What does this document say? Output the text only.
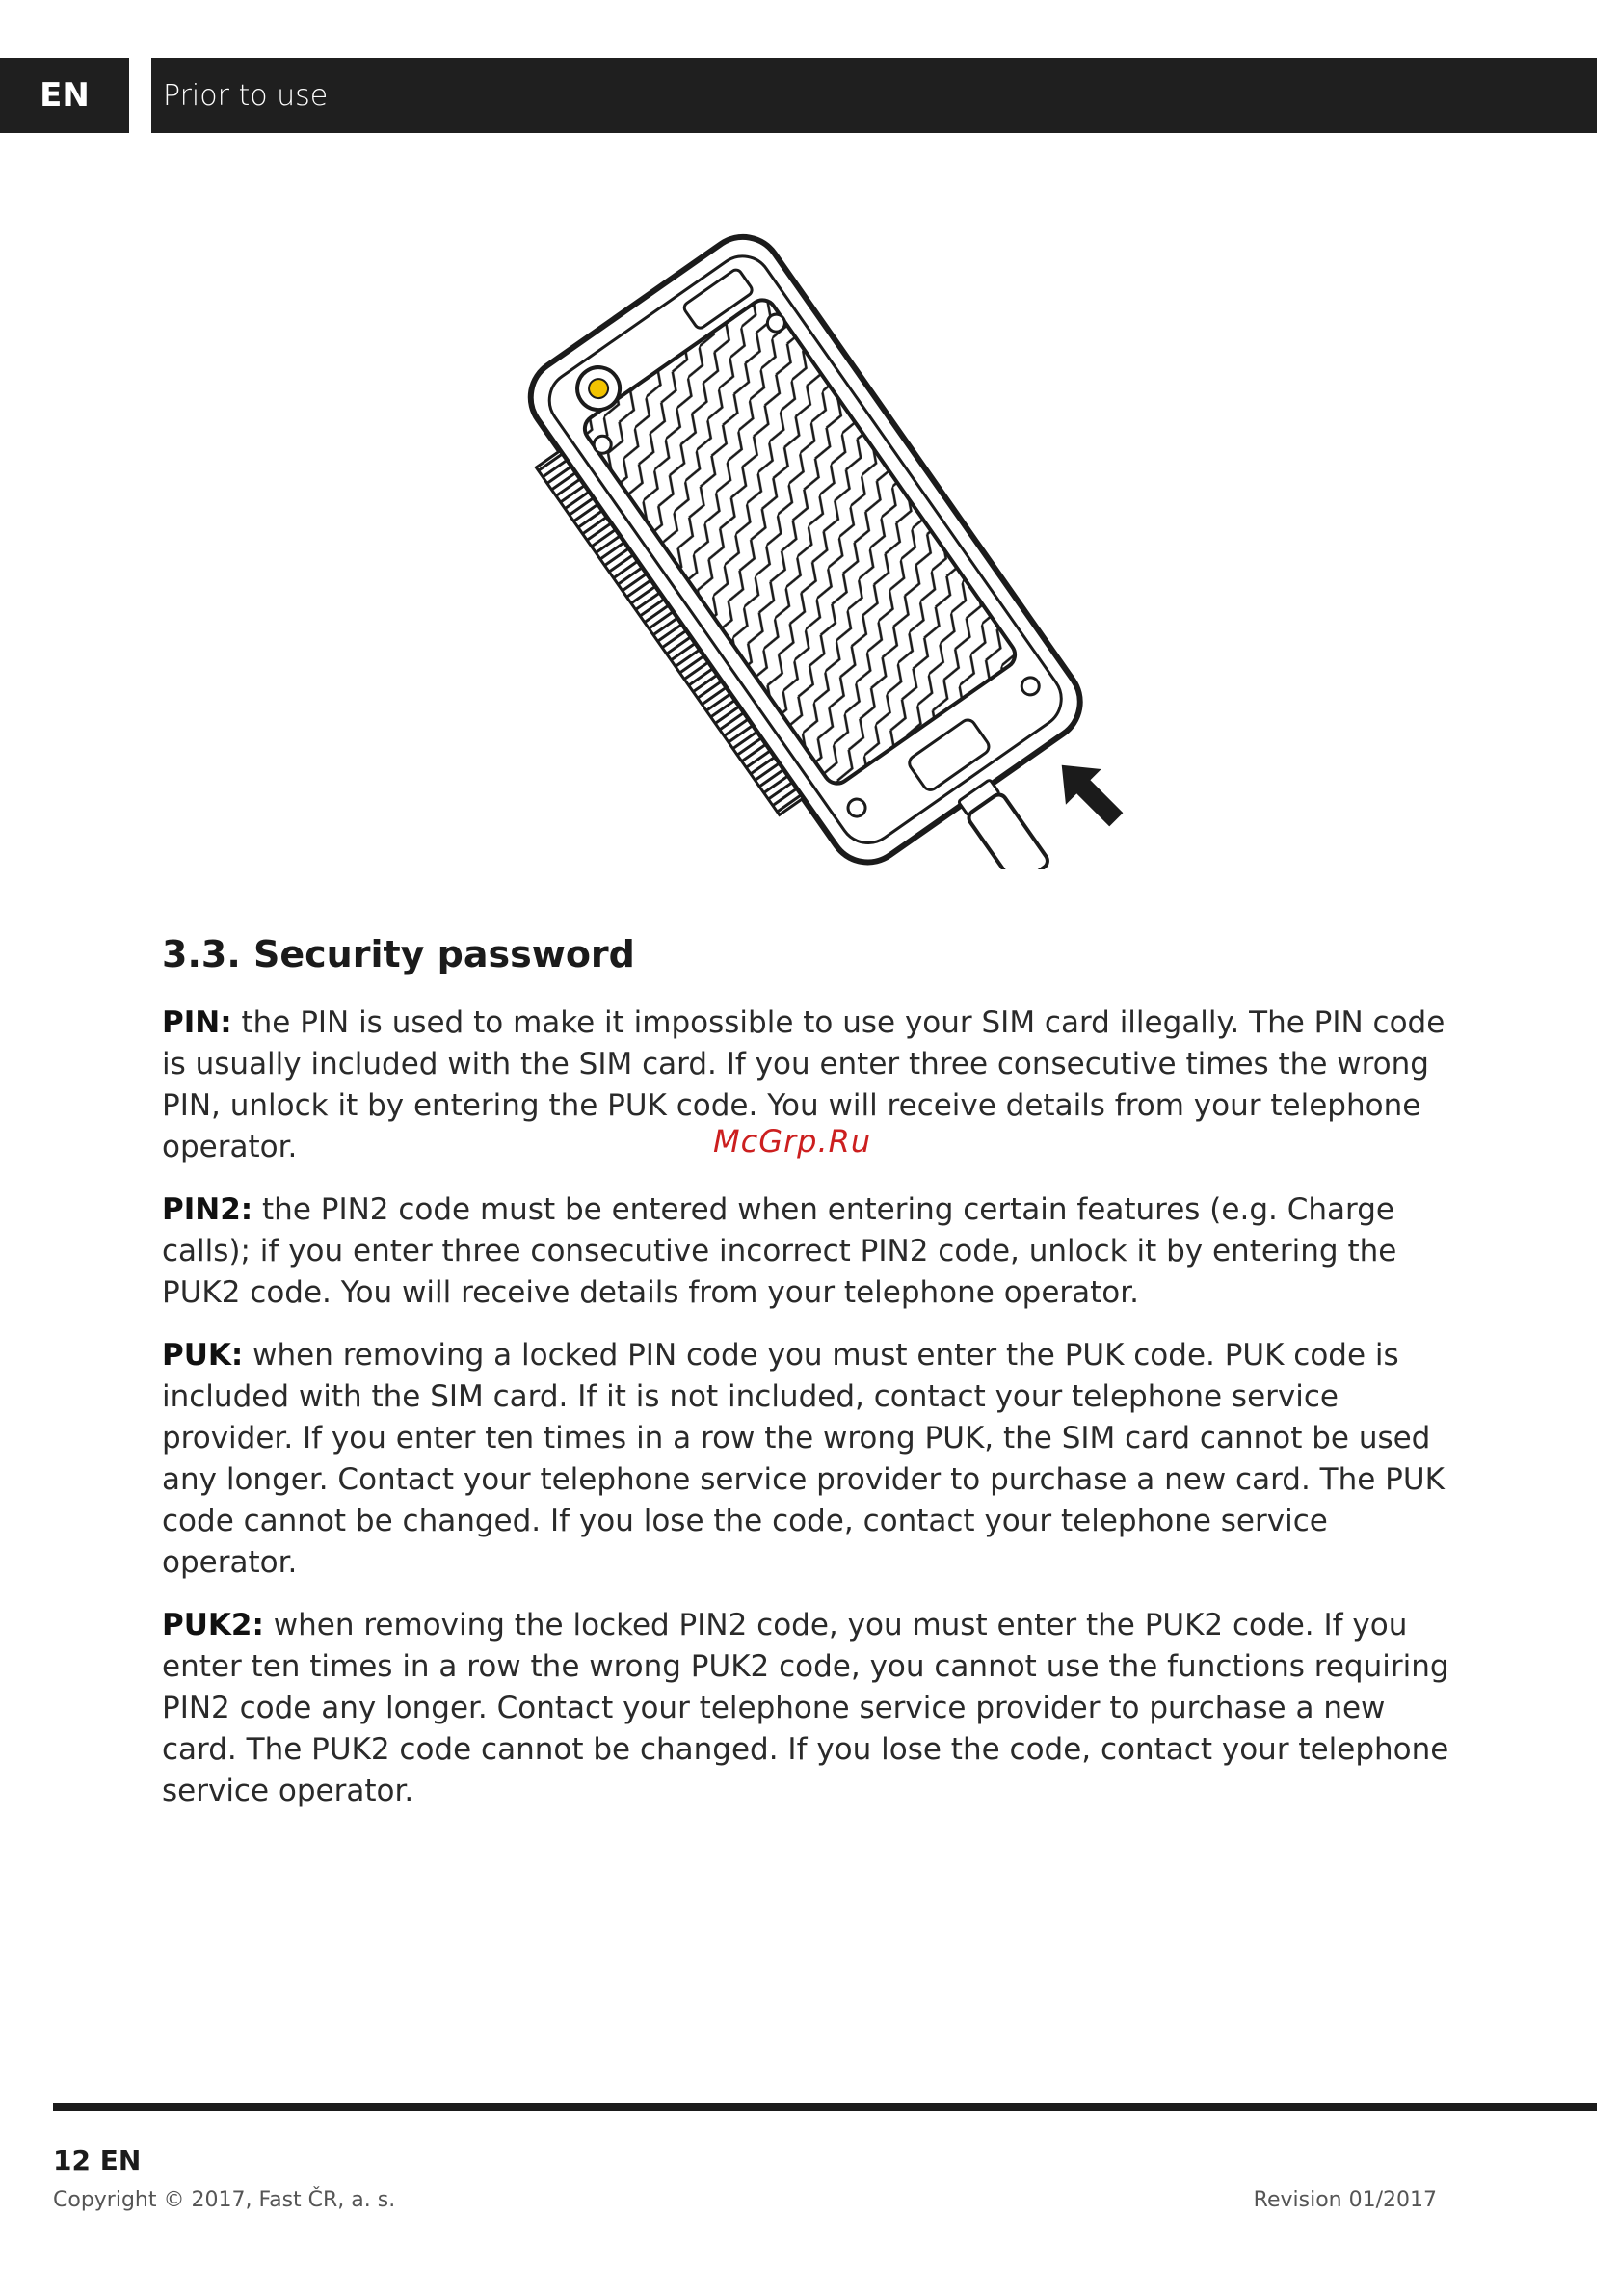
EN	Prior to use
3.3. Security password

PIN: the PIN is used to make it impossible to use your SIM card illegally. The PIN code is usually included with the SIM card. If you enter three consecutive times the wrong PIN, unlock it by entering the PUK code. You will receive details from your telephone operator.

PIN2: the PIN2 code must be entered when entering certain features (e.g. Charge calls); if you enter three consecutive incorrect PIN2 code, unlock it by entering the PUK2 code. You will receive details from your telephone operator.

PUK: when removing a locked PIN code you must enter the PUK code. PUK code is included with the SIM card. If it is not included, contact your telephone service provider. If you enter ten times in a row the wrong PUK, the SIM card cannot be used any longer. Contact your telephone service provider to purchase a new card. The PUK code cannot be changed. If you lose the code, contact your telephone service operator.

PUK2: when removing the locked PIN2 code, you must enter the PUK2 code. If you enter ten times in a row the wrong PUK2 code, you cannot use the functions requiring PIN2 code any longer. Contact your telephone service provider to purchase a new card. The PUK2 code cannot be changed. If you lose the code, contact your telephone service operator.

McGrp.Ru
12 EN
Copyright © 2017, Fast ČR, a. s.	Revision 01/2017
